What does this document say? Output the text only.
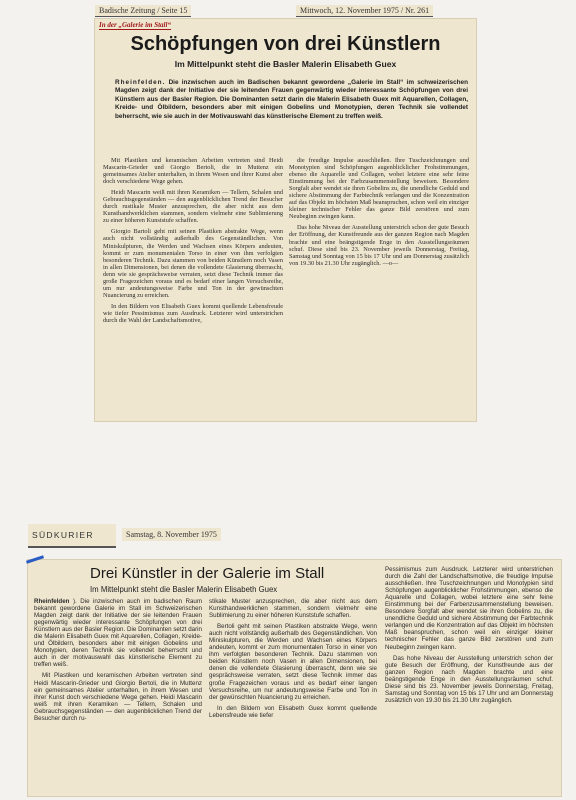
Badische Zeitung / Seite 15	Mittwoch, 12. November 1975 / Nr. 261
In der „Galerie im Stall“
Schöpfungen von drei Künstlern
Im Mittelpunkt steht die Basler Malerin Elisabeth Guex
Rheinfelden. Die inzwischen auch im Badischen bekannt gewordene „Galerie im Stall“ im schweizerischen Magden zeigt dank der Initiative der sie leitenden Frauen gegenwärtig wieder interessante Schöpfungen von drei Künstlern aus der Basler Region. Die Dominanten setzt darin die Malerin Elisabeth Guex mit Aquarellen, Collagen, Kreide- und Ölbildern, besonders aber mit einigen Gobelins und Monotypien, deren Technik sie vollendet beherrscht, wie sie auch in der Motivauswahl das künstlerische Element zu treffen weiß.

Mit Plastiken und keramischen Arbeiten vertreten sind Heidi Mascarin-Grieder und Giorgio Bertoli, die in Muttenz ein gemeinsames Atelier unterhalten, in ihrem Wesen und ihrer Kunst aber doch verschiedene Wege gehen.

Heidi Mascarin weiß mit ihren Keramiken — Tellern, Schalen und Gebrauchtsgegenständen — den augenblicklichen Trend der Besucher durch rustikale Muster anzusprechen, die aber nicht aus dem Kunsthandwerklichen stammen, sondern vielmehr eine Sublimierung zu einer höheren Kunststufe schaffen.

Giorgio Bartoli geht mit seinen Plastiken abstrakte Wege, wenn auch nicht vollständig außerhalb des Gegenständlichen. Von Miniskulpturen, die Werden und Wachsen eines Körpers andeuten, kommt er zum monumentalen Torso in einer von ihm verfolgten besonderen Technik. Dazu stammen von beiden Künstlern noch Vasen in allen Dimensionen, bei denen die vollendete Glasierung überrascht, denn wie sie gesprächsweise verraten, setzt diese Technik immer das große Fragezeichen voraus und es bedarf einer langen Versuchsreihe, um nur andeutungsweise Farbe und Ton in der gewünschten Nuancierung zu erreichen.

In den Bildern von Elisabeth Guex kommt quellende Lebensfreude wie tiefer Pessimismus zum Ausdruck. Letzterer wird unterstrichen durch die Wahl der Landschaftsmotive,

die freudige Impulse ausschließen. Ihre Tuschzeichnungen und Monotypien sind Schöpfungen augenblicklicher Frohstimmungen, ebenso die Aquarelle und Collagen, wobei letztere eine sehr feine Einstimmung bei der Farbzusammenstellung beweisen. Besondere Sorgfalt aber wendet sie ihren Gobelins zu, die unendliche Geduld und sichere Abstimmung der Farbtechnik verlangen und die Konzentration auf das Objekt im höchsten Maß beanspruchen, schon weil ein einziger kleiner technischer Fehler das ganze Bild zerstören und zum Neubeginn zwingen kann.

Das hohe Niveau der Ausstellung unterstrich schon der gute Besuch der Eröffnung, der Kunstfreunde aus der ganzen Region nach Magden brachte und eine beängstigende Enge in den Ausstellungsräumen schuf. Diese sind bis 23. November jeweils Donnerstag, Freitag, Samstag und Sonntag von 15 bis 17 Uhr und am Donnerstag zusätzlich von 19.30 bis 21.30 Uhr zugänglich. —o—

SÜDKURIER	Samstag, 8. November 1975
Drei Künstler in der Galerie im Stall
Im Mittelpunkt steht die Basler Malerin Elisabeth Guex

Rheinfelden ). Die inzwischen auch im badischen Raum bekannt gewordene Galerie im Stall im Schweizerischen Magden zeigt dank der Initiative der sie leitenden Frauen gegenwärtig wieder interessante Schöpfungen von drei Künstlern aus der Basler Region. Die Dominanten setzt darin die Malerin Elisabeth Guex mit Aquarellen, Collagen, Kreide- und Ölbildern, besonders aber mit einigen Gobelins und Monotypien, deren Technik sie vollendet beherrscht und auch in der motivauswahl das künstlerische Element zu treffen weiß.

Mit Plastiken und keramischen Arbeiten vertreten sind Heidi Mascarin-Grieder und Giorgio Bertoli, die in Muttenz ein gemeinsames Atelier unterhalten, in ihrem Wesen und ihrer Kunst doch verschiedene Wege gehen. Heidi Mascarin weiß mit ihren Keramiken — Tellern, Schalen und Gebrauchsgegenständen — den augenblicklichen Trend der Besucher durch ru-

stikale Muster anzusprechen, die aber nicht aus dem Kunsthandwerklichen stammen, sondern vielmehr eine Sublimierung zu einer höheren Kunststufe schaffen.

Bertoli geht mit seinen Plastiken abstrakte Wege, wenn auch nicht vollständig außerhalb des Gegenständlichen. Von Miniskulpturen, die Werden und Wachsen eines Körpers andeuten, kommt er zum monumentalen Torso in einer von ihm verfolgten besonderen Technik. Dazu stammen von beiden Künstlern noch Vasen in allen Dimensionen, bei denen die vollendete Glasierung überrascht, denn wie sie gesprächsweise verraten, setzt diese Technik immer das große Fragezeichen voraus und es bedarf einer langen Versuchsreihe, um nur andeutungsweise Farbe und Ton in der gewünschten Nuancierung zu erreichen.

In den Bildern von Elisabeth Guex kommt quellende Lebensfreude wie tiefer

Pessimismus zum Ausdruck. Letzterer wird unterstrichen durch die Zahl der Landschaftsmotive, die freudige Impulse ausschließen. Ihre Tuschzeichnungen und Monotypien sind Schöpfungen augenblicklicher Frohstimmungen, ebenso die Aquarelle und Collagen, wobei letztere eine sehr feine Einstimmung bei der Farbenzusammenstellung beweisen. Besondere Sorgfalt aber wendet sie ihren Gobelins zu, die unendliche Geduld und sichere Abstimmung der Farbtechnik verlangen und die Konzentration auf das Objekt im höchsten Maß beanspruchen, schon weil ein einziger kleiner technischer Fehler das ganze Bild zerstören und zum Neubeginn zwingen kann.

Das hohe Niveau der Ausstellung unterstrich schon der gute Besuch der Eröffnung, der Kunstfreunde aus der ganzen Region nach Magden brachte und eine beängstigende Enge in den Ausstellungsräumen schuf. Diese sind bis 23. November jeweils Donnerstag, Freitag, Samstag und Sonntag von 15 bis 17 Uhr und am Donnerstag zusätzlich von 19.30 bis 21.30 Uhr zugänglich.
